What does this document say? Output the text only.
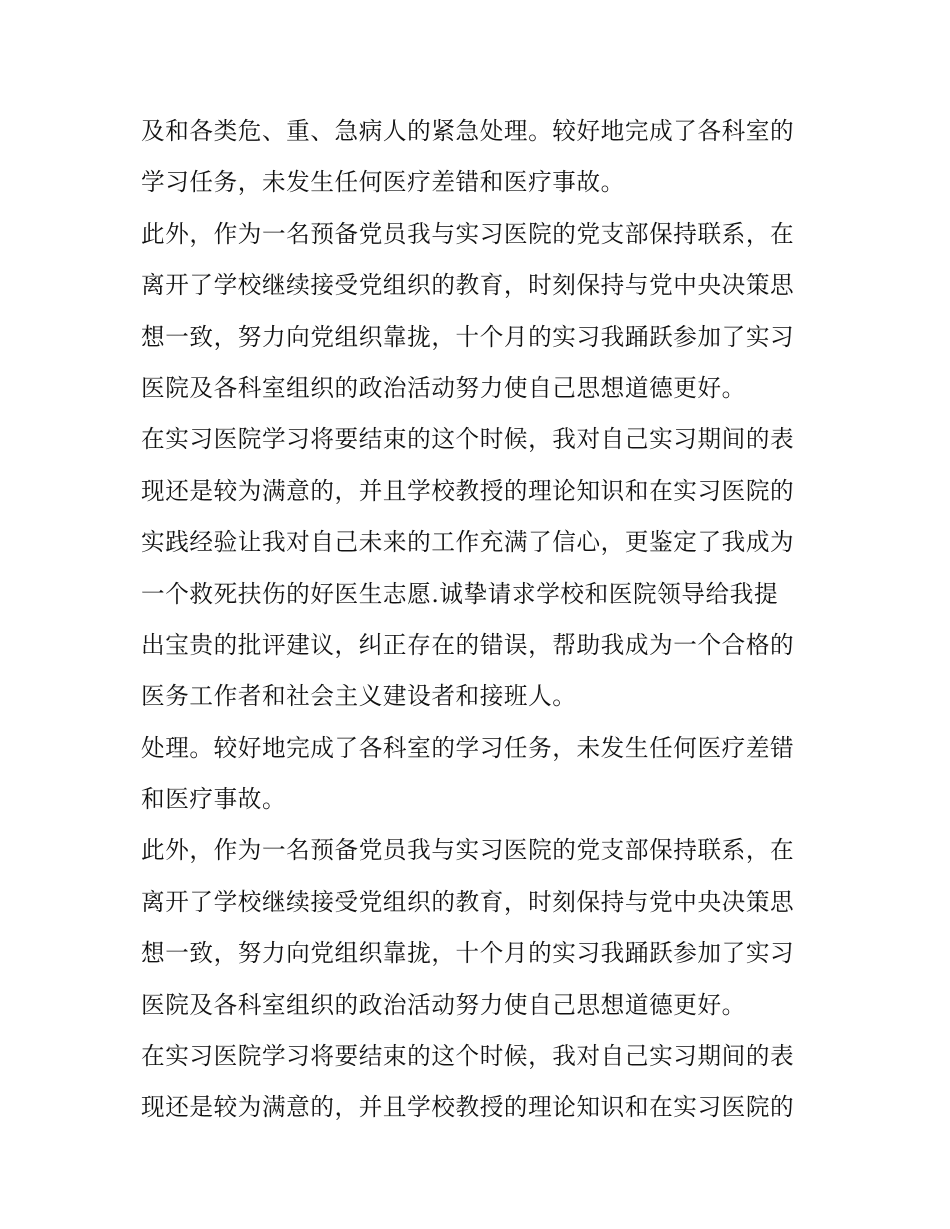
及和各类危、重、急病人的紧急处理。较好地完成了各科室的
学习任务，未发生任何医疗差错和医疗事故。
此外，作为一名预备党员我与实习医院的党支部保持联系，在
离开了学校继续接受党组织的教育，时刻保持与党中央决策思
想一致，努力向党组织靠拢，十个月的实习我踊跃参加了实习
医院及各科室组织的政治活动努力使自己思想道德更好。
在实习医院学习将要结束的这个时候，我对自己实习期间的表
现还是较为满意的，并且学校教授的理论知识和在实习医院的
实践经验让我对自己未来的工作充满了信心，更鉴定了我成为
一个救死扶伤的好医生志愿.诚挚请求学校和医院领导给我提
出宝贵的批评建议，纠正存在的错误，帮助我成为一个合格的
医务工作者和社会主义建设者和接班人。
处理。较好地完成了各科室的学习任务，未发生任何医疗差错
和医疗事故。
此外，作为一名预备党员我与实习医院的党支部保持联系，在
离开了学校继续接受党组织的教育，时刻保持与党中央决策思
想一致，努力向党组织靠拢，十个月的实习我踊跃参加了实习
医院及各科室组织的政治活动努力使自己思想道德更好。
在实习医院学习将要结束的这个时候，我对自己实习期间的表
现还是较为满意的，并且学校教授的理论知识和在实习医院的
